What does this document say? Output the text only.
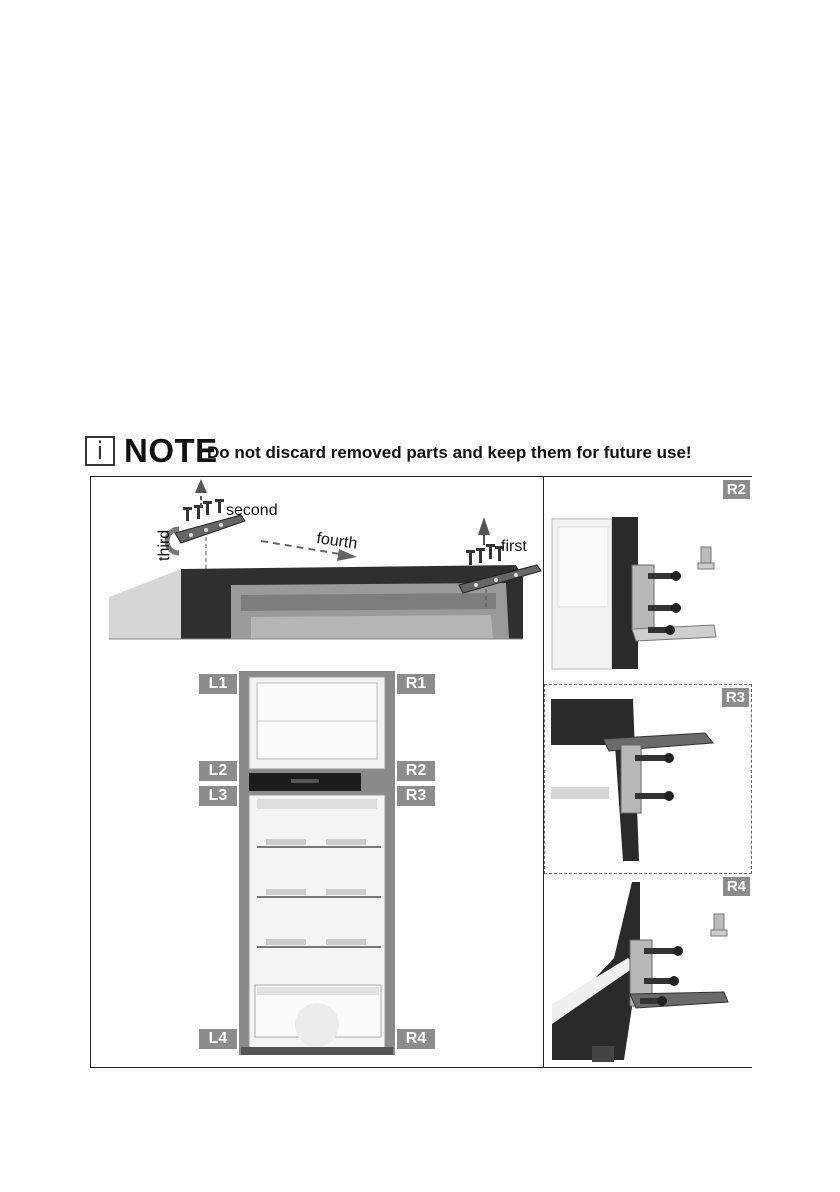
i NOTE
Do not discard removed parts and keep them for future use!
second
third	fourth	first
L1	R1
L2	R2
L3	R3
L4	R4
R2
R3
R4
